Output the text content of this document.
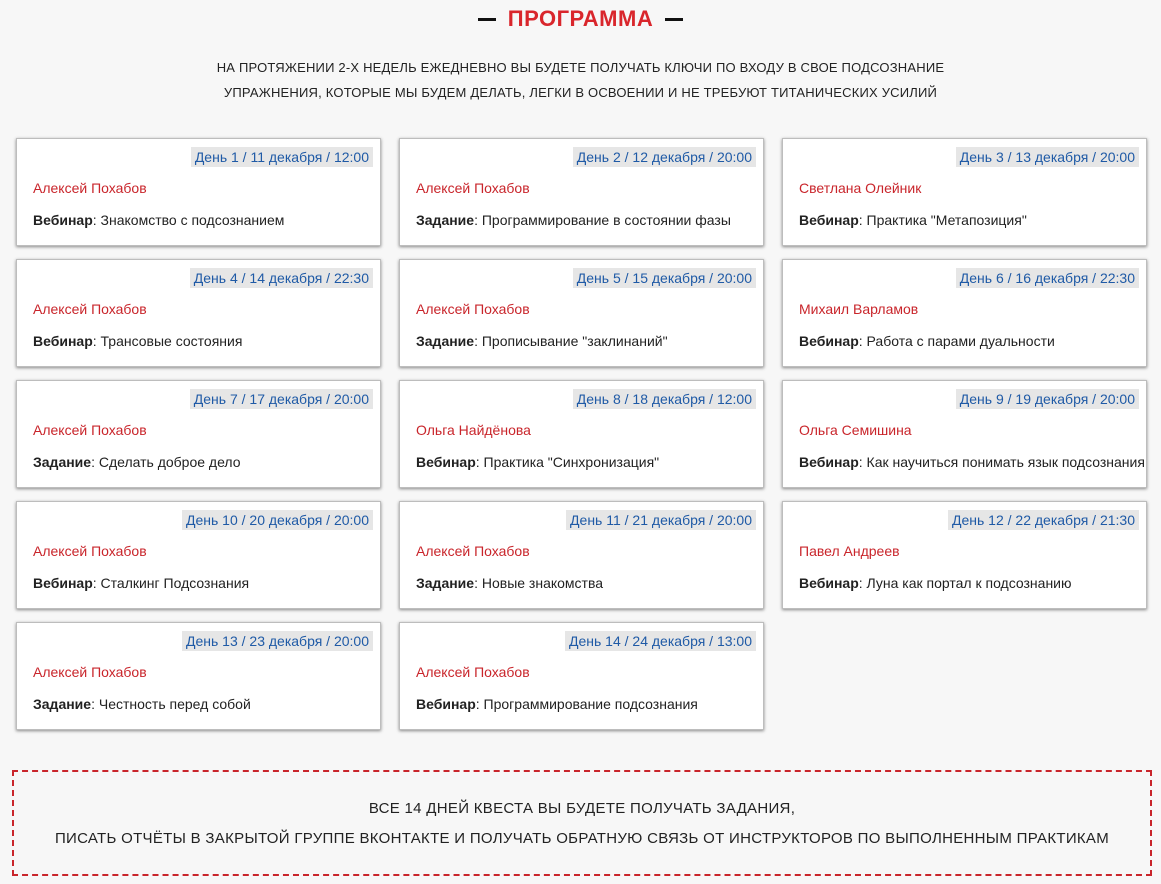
ПРОГРАММА
НА ПРОТЯЖЕНИИ 2-Х НЕДЕЛЬ ЕЖЕДНЕВНО ВЫ БУДЕТЕ ПОЛУЧАТЬ КЛЮЧИ ПО ВХОДУ В СВОЕ ПОДСОЗНАНИЕ
УПРАЖНЕНИЯ, КОТОРЫЕ МЫ БУДЕМ ДЕЛАТЬ, ЛЕГКИ В ОСВОЕНИИ И НЕ ТРЕБУЮТ ТИТАНИЧЕСКИХ УСИЛИЙ
День 1 / 11 декабря / 12:00
Алексей Похабов
Вебинар: Знакомство с подсознанием
День 2 / 12 декабря / 20:00
Алексей Похабов
Задание: Программирование в состоянии фазы
День 3 / 13 декабря / 20:00
Светлана Олейник
Вебинар: Практика "Метапозиция"
День 4 / 14 декабря / 22:30
Алексей Похабов
Вебинар: Трансовые состояния
День 5 / 15 декабря / 20:00
Алексей Похабов
Задание: Прописывание "заклинаний"
День 6 / 16 декабря / 22:30
Михаил Варламов
Вебинар: Работа с парами дуальности
День 7 / 17 декабря / 20:00
Алексей Похабов
Задание: Сделать доброе дело
День 8 / 18 декабря / 12:00
Ольга Найдёнова
Вебинар: Практика "Синхронизация"
День 9 / 19 декабря / 20:00
Ольга Семишина
Вебинар: Как научиться понимать язык подсознания
День 10 / 20 декабря / 20:00
Алексей Похабов
Вебинар: Сталкинг Подсознания
День 11 / 21 декабря / 20:00
Алексей Похабов
Задание: Новые знакомства
День 12 / 22 декабря / 21:30
Павел Андреев
Вебинар: Луна как портал к подсознанию
День 13 / 23 декабря / 20:00
Алексей Похабов
Задание: Честность перед собой
День 14 / 24 декабря / 13:00
Алексей Похабов
Вебинар: Программирование подсознания
ВСЕ 14 ДНЕЙ КВЕСТА ВЫ БУДЕТЕ ПОЛУЧАТЬ ЗАДАНИЯ,
ПИСАТЬ ОТЧЁТЫ В ЗАКРЫТОЙ ГРУППЕ ВКОНТАКТЕ И ПОЛУЧАТЬ ОБРАТНУЮ СВЯЗЬ ОТ ИНСТРУКТОРОВ ПО ВЫПОЛНЕННЫМ ПРАКТИКАМ
